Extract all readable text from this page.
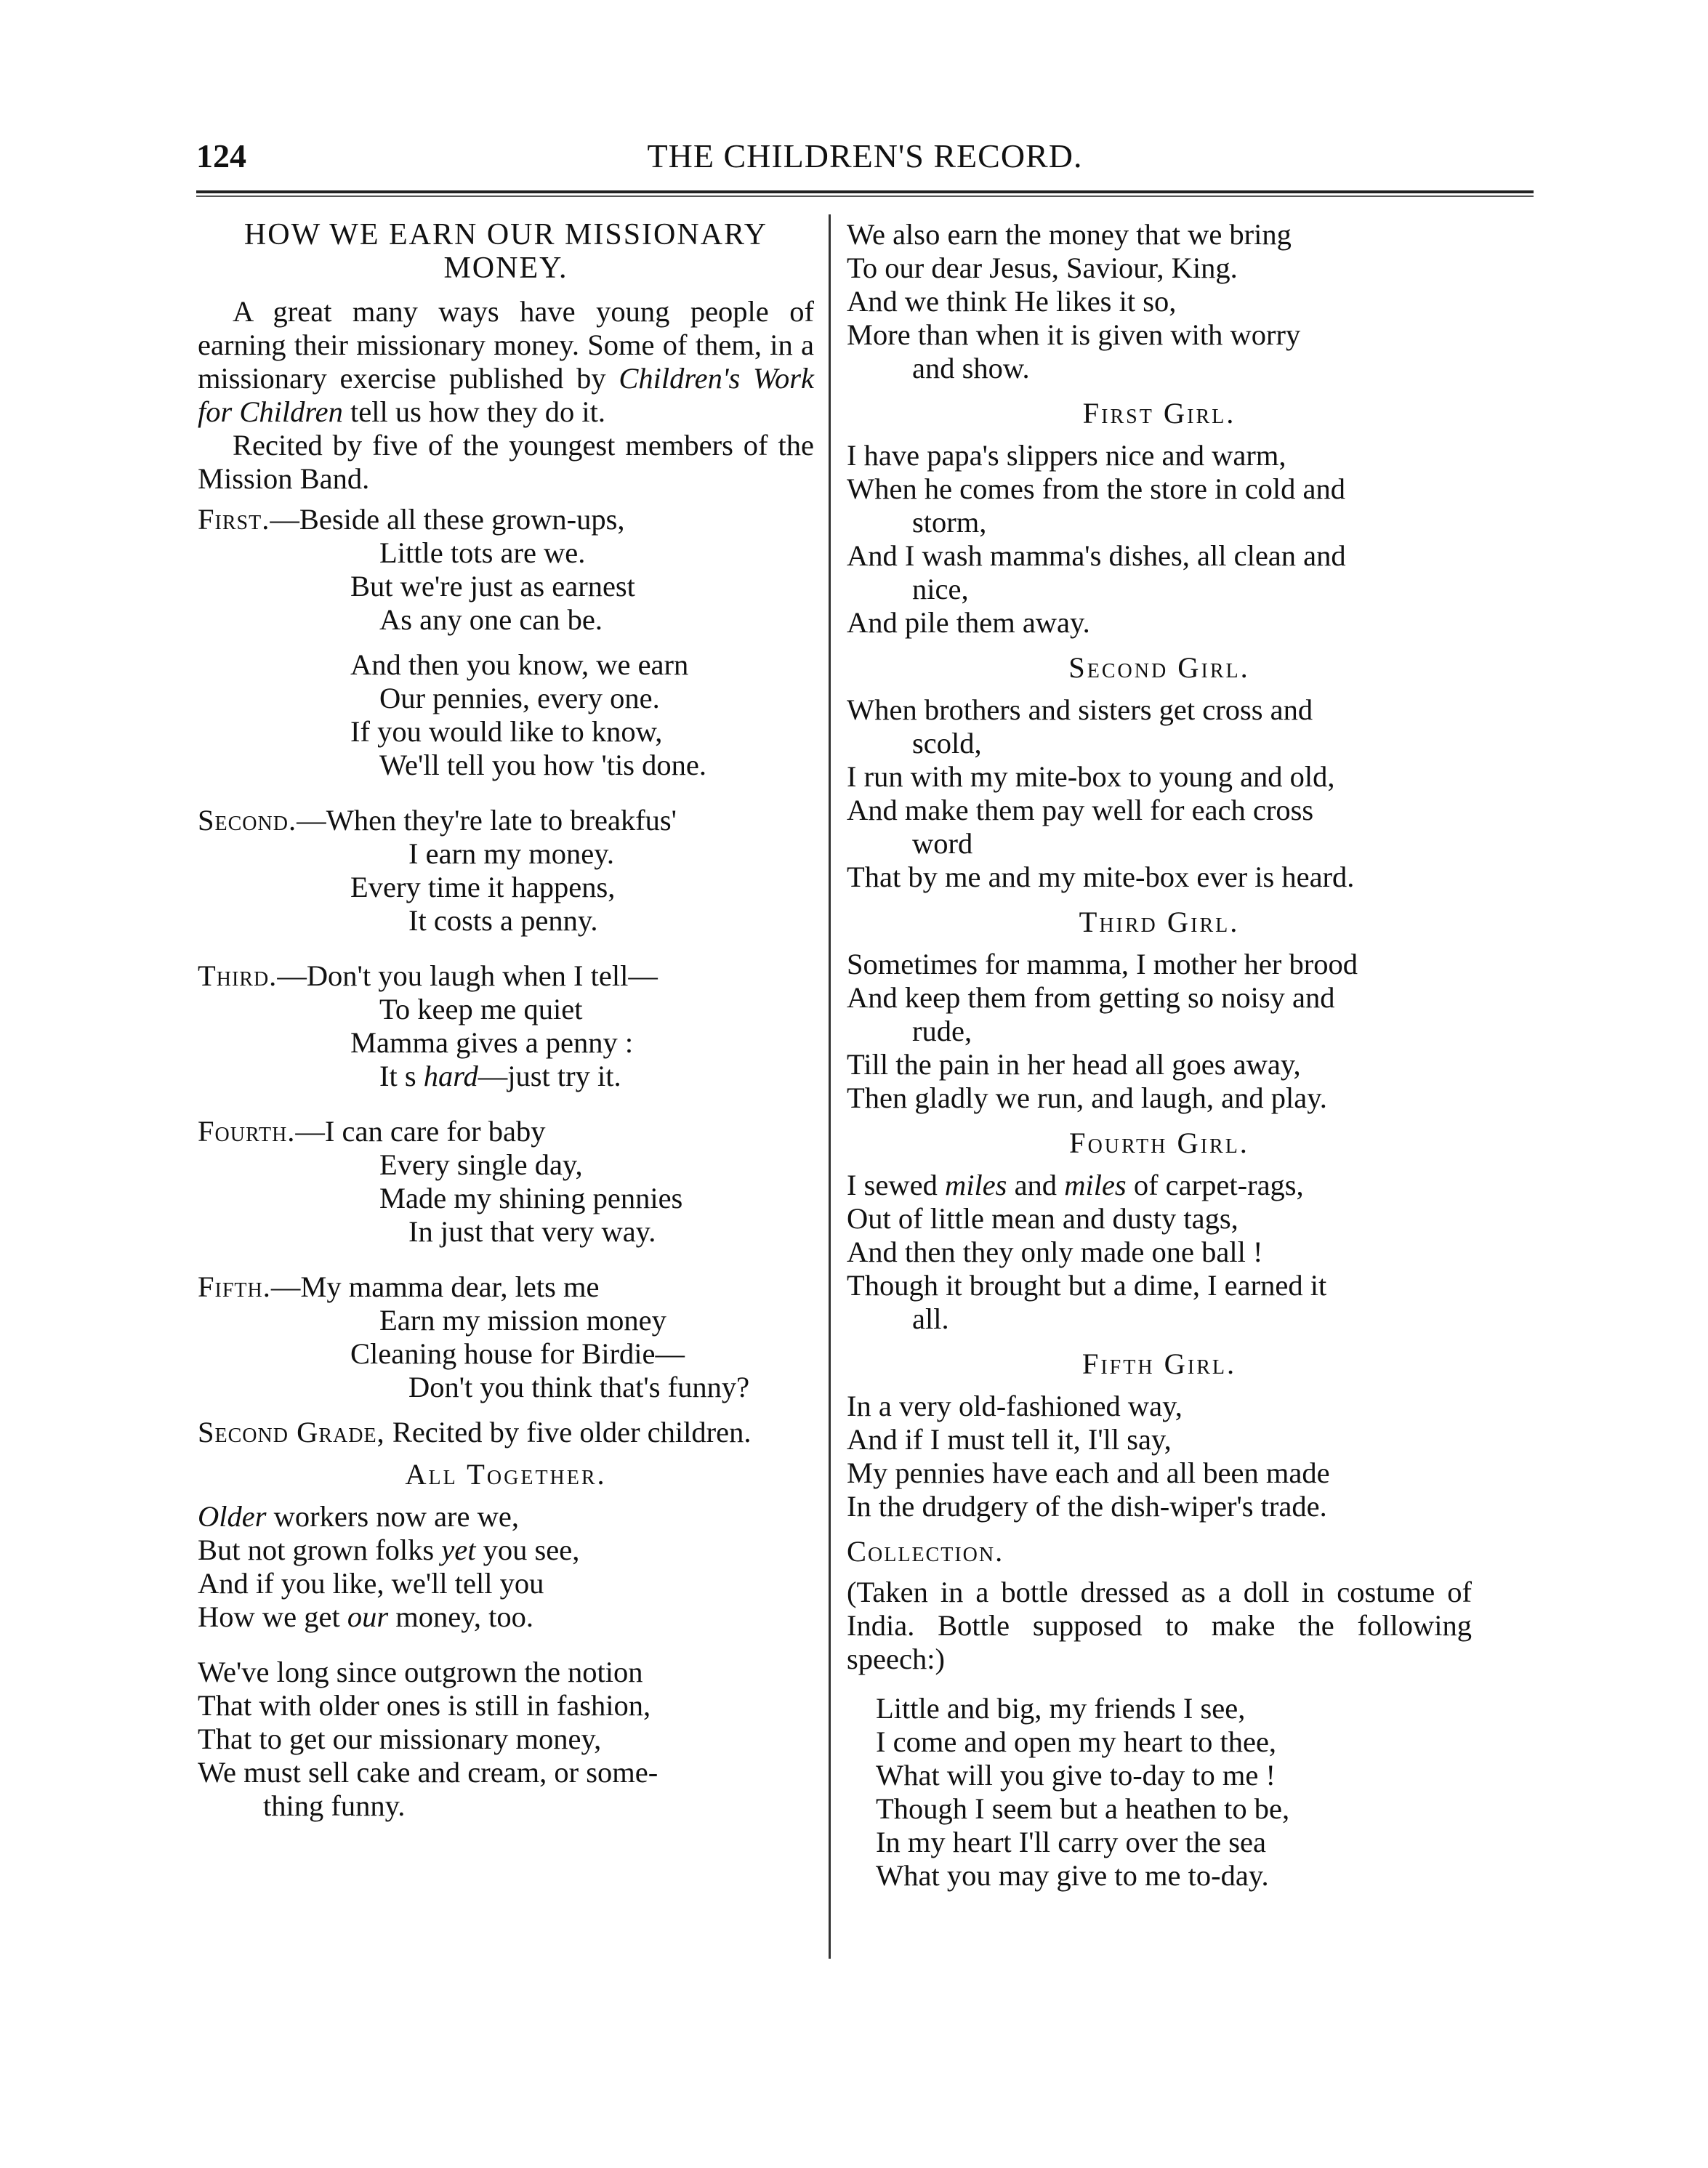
124	THE CHILDREN'S RECORD.
HOW WE EARN OUR MISSIONARY
MONEY.

A great many ways have young people of earning their missionary money. Some of them, in a missionary exercise published by Children's Work for Children tell us how they do it.

Recited by five of the youngest members of the Mission Band.

First.—Beside all these grown-ups,
Little tots are we.
But we're just as earnest
As any one can be.
And then you know, we earn
Our pennies, every one.
If you would like to know,
We'll tell you how 'tis done.
Second.—When they're late to breakfus'
I earn my money.
Every time it happens,
It costs a penny.
Third.—Don't you laugh when I tell—
To keep me quiet
Mamma gives a penny :
It s hard—just try it.
Fourth.—I can care for baby
Every single day,
Made my shining pennies
In just that very way.
Fifth.—My mamma dear, lets me
Earn my mission money
Cleaning house for Birdie—
Don't you think that's funny?

Second Grade, Recited by five older children.

All Together.
Older workers now are we,
But not grown folks yet you see,
And if you like, we'll tell you
How we get our money, too.
We've long since outgrown the notion
That with older ones is still in fashion,
That to get our missionary money,
We must sell cake and cream, or some-
thing funny.
We also earn the money that we bring
To our dear Jesus, Saviour, King.
And we think He likes it so,
More than when it is given with worry
and show.
First Girl.
I have papa's slippers nice and warm,
When he comes from the store in cold and
storm,
And I wash mamma's dishes, all clean and
nice,
And pile them away.
Second Girl.
When brothers and sisters get cross and
scold,
I run with my mite-box to young and old,
And make them pay well for each cross
word
That by me and my mite-box ever is heard.
Third Girl.
Sometimes for mamma, I mother her brood
And keep them from getting so noisy and
rude,
Till the pain in her head all goes away,
Then gladly we run, and laugh, and play.
Fourth Girl.
I sewed miles and miles of carpet-rags,
Out of little mean and dusty tags,
And then they only made one ball !
Though it brought but a dime, I earned it
all.
Fifth Girl.
In a very old-fashioned way,
And if I must tell it, I'll say,
My pennies have each and all been made
In the drudgery of the dish-wiper's trade.
Collection.

(Taken in a bottle dressed as a doll in costume of India. Bottle supposed to make the following speech:)

Little and big, my friends I see,
I come and open my heart to thee,
What will you give to-day to me !
Though I seem but a heathen to be,
In my heart I'll carry over the sea
What you may give to me to-day.
